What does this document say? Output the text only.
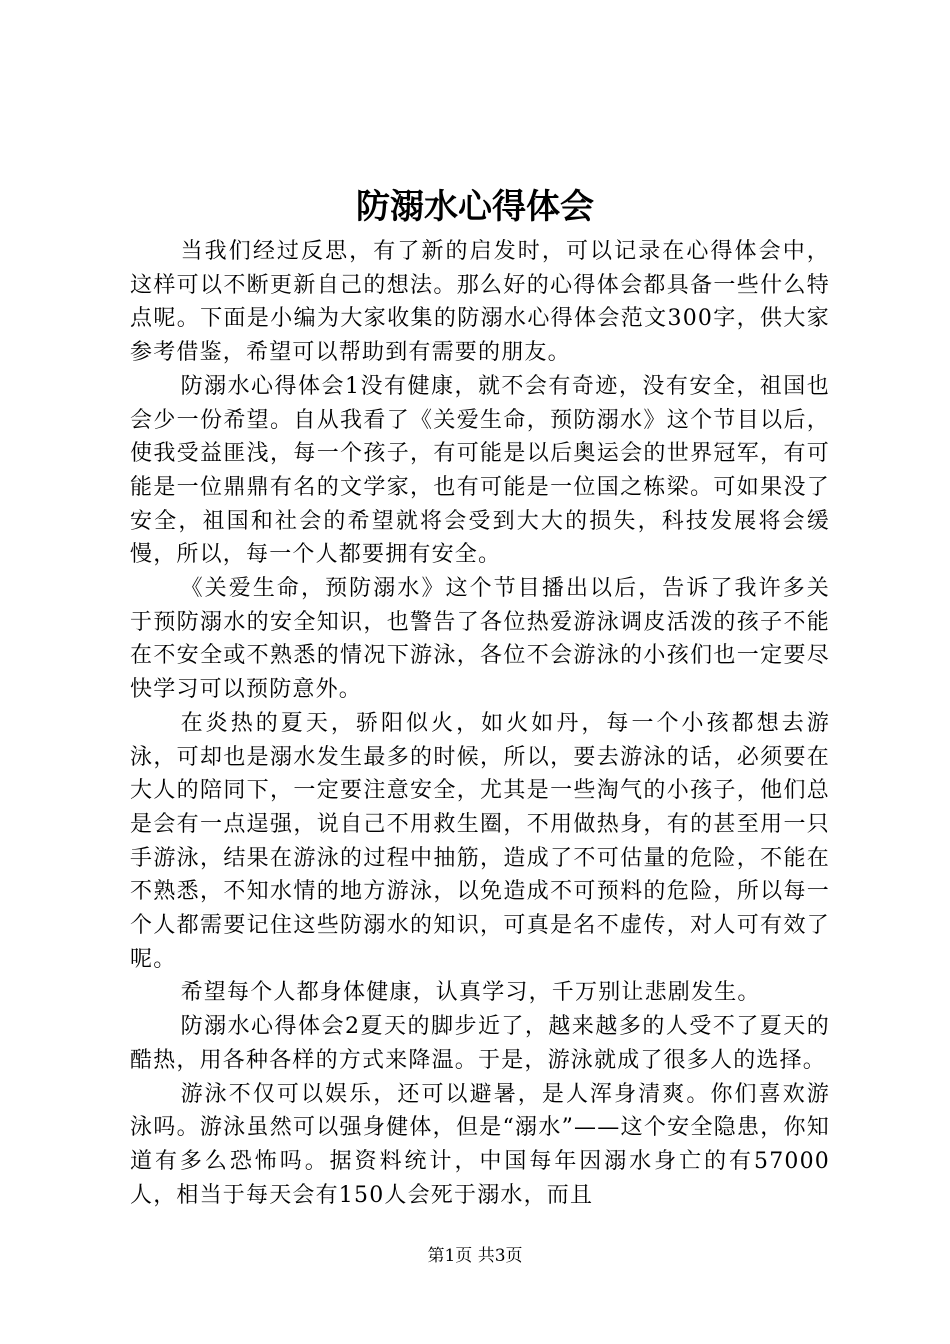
防溺水心得体会

当我们经过反思，有了新的启发时，可以记录在心得体会中，这样可以不断更新自己的想法。那么好的心得体会都具备一些什么特点呢。下面是小编为大家收集的防溺水心得体会范文300字，供大家参考借鉴，希望可以帮助到有需要的朋友。

防溺水心得体会1没有健康，就不会有奇迹，没有安全，祖国也会少一份希望。自从我看了《关爱生命，预防溺水》这个节目以后，使我受益匪浅，每一个孩子，有可能是以后奥运会的世界冠军，有可能是一位鼎鼎有名的文学家，也有可能是一位国之栋梁。可如果没了安全，祖国和社会的希望就将会受到大大的损失，科技发展将会缓慢，所以，每一个人都要拥有安全。

《关爱生命，预防溺水》这个节目播出以后，告诉了我许多关于预防溺水的安全知识，也警告了各位热爱游泳调皮活泼的孩子不能在不安全或不熟悉的情况下游泳，各位不会游泳的小孩们也一定要尽快学习可以预防意外。

在炎热的夏天，骄阳似火，如火如丹，每一个小孩都想去游泳，可却也是溺水发生最多的时候，所以，要去游泳的话，必须要在大人的陪同下，一定要注意安全，尤其是一些淘气的小孩子，他们总是会有一点逞强，说自己不用救生圈，不用做热身，有的甚至用一只手游泳，结果在游泳的过程中抽筋，造成了不可估量的危险，不能在不熟悉，不知水情的地方游泳，以免造成不可预料的危险，所以每一个人都需要记住这些防溺水的知识，可真是名不虚传，对人可有效了呢。

希望每个人都身体健康，认真学习，千万别让悲剧发生。

防溺水心得体会2夏天的脚步近了，越来越多的人受不了夏天的酷热，用各种各样的方式来降温。于是，游泳就成了很多人的选择。

游泳不仅可以娱乐，还可以避暑，是人浑身清爽。你们喜欢游泳吗。游泳虽然可以强身健体，但是“溺水”——这个安全隐患，你知道有多么恐怖吗。据资料统计，中国每年因溺水身亡的有57000人，相当于每天会有150人会死于溺水，而且

第1页 共3页
